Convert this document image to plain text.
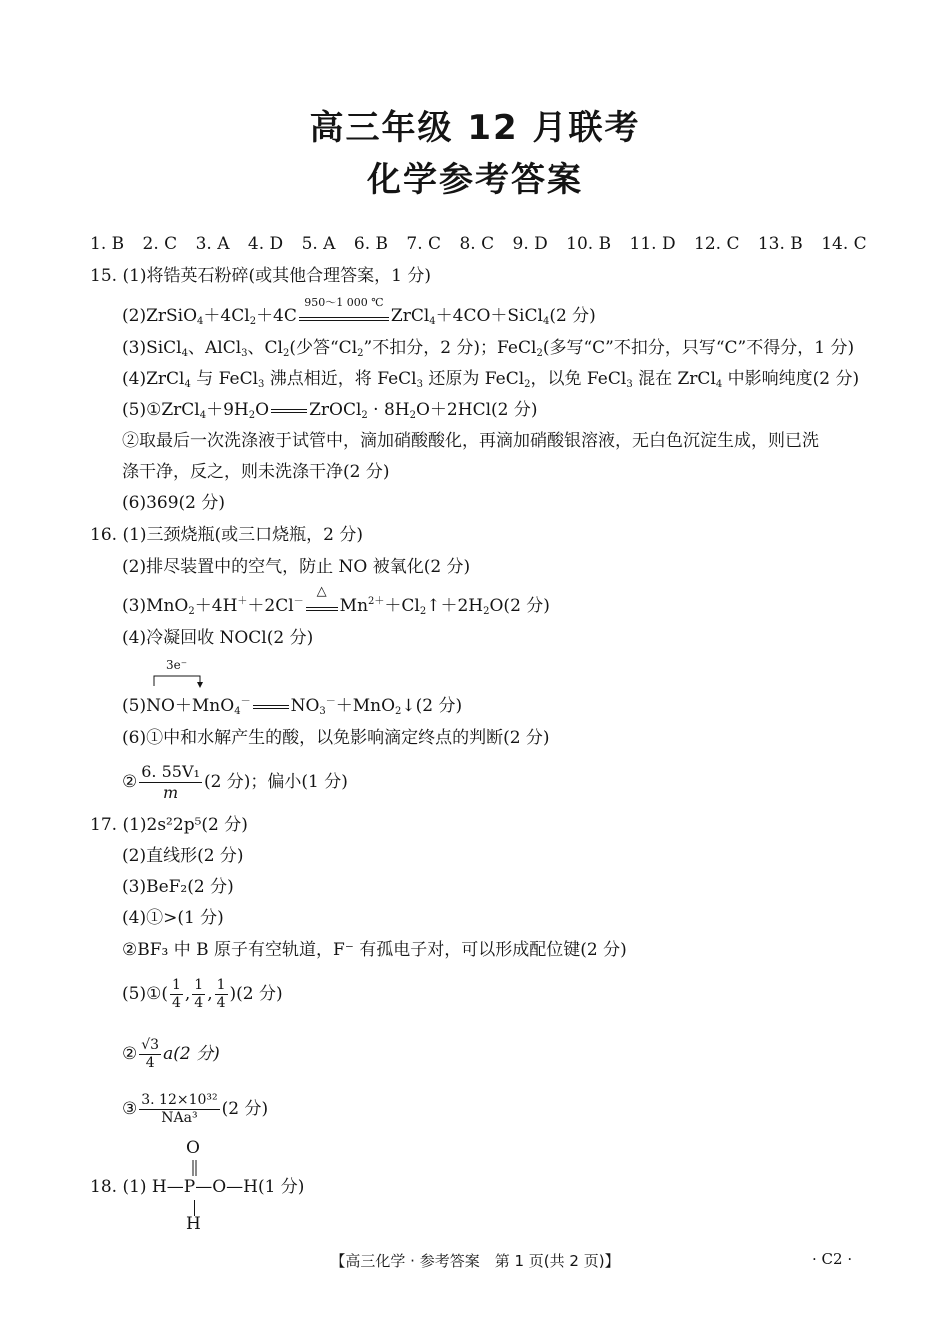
高三年级 12 月联考
化学参考答案
1. B 2. C 3. A 4. D 5. A 6. B 7. C 8. C 9. D 10. B 11. D 12. C 13. B 14. C
15. (1)将锆英石粉碎(或其他合理答案，1 分)
$(2)ZrSiO_4+4Cl_2+4C$
950～1 000 ℃
ZrCl$_4$＋4CO＋SiCl$_4$(2 分)
(3)SiCl$_4$、AlCl$_3$、$Cl_2$(少答“$Cl_2$”不扣分，2 分)；FeCl$_2$(多写“C”不扣分，只写“C”不得分，1 分)
(4)ZrCl$_4$ 与 FeCl$_3$ 沸点相近，将 FeCl$_3$ 还原为 FeCl$_2$，以免 FeCl$_3$ 混在 ZrCl$_4$ 中影响纯度(2 分)
$(5)①ZrCl_4+9H_2O$ ZrOCl$_2$ · $8H_2O+2HCl(2$ 分)
②取最后一次洗涤液于试管中，滴加硝酸酸化，再滴加硝酸银溶液，无白色沉淀生成，则已洗
涤干净，反之，则未洗涤干净(2 分)
(6)369(2 分)
16. (1)三颈烧瓶(或三口烧瓶，2 分)
(2)排尽装置中的空气，防止 NO 被氧化(2 分)
(3)MnO$_2$＋4H＋＋2Cl－
△
$Mn^{2+}+Cl_2↑+2H_2O(2$ 分)
(4)冷凝回收 NOCl(2 分)
3e⁻
(5)NO＋MnO$_4$－ $NO_3^-+MnO_2↓(2$ 分)
(6)①中和水解产生的酸，以免影响滴定终点的判断(2 分)
② $\frac{\text{6. 55V₁}}{m} (2$ 分)；偏小(1 分)
17. (1)2s²2p⁵(2 分)
(2)直线形(2 分)
(3)BeF₂(2 分)
(4)①>(1 分)
②BF₃ 中 B 原子有空轨道，F⁻ 有孤电子对，可以形成配位键(2 分)
(5)①( $\frac{1}{4}$ , $\frac{1}{4}$ , $\frac{1}{4} )(2$ 分)
② $\frac{√3}{4} a(2$ 分)
③ $\frac{\text{3. 12×10³²}}{\text{NAa³}} (2$ 分)
O
18. (1) H—P—O—H(1 分)
H
【高三化学 · 参考答案　第 1 页(共 2 页)】	· C2 ·
